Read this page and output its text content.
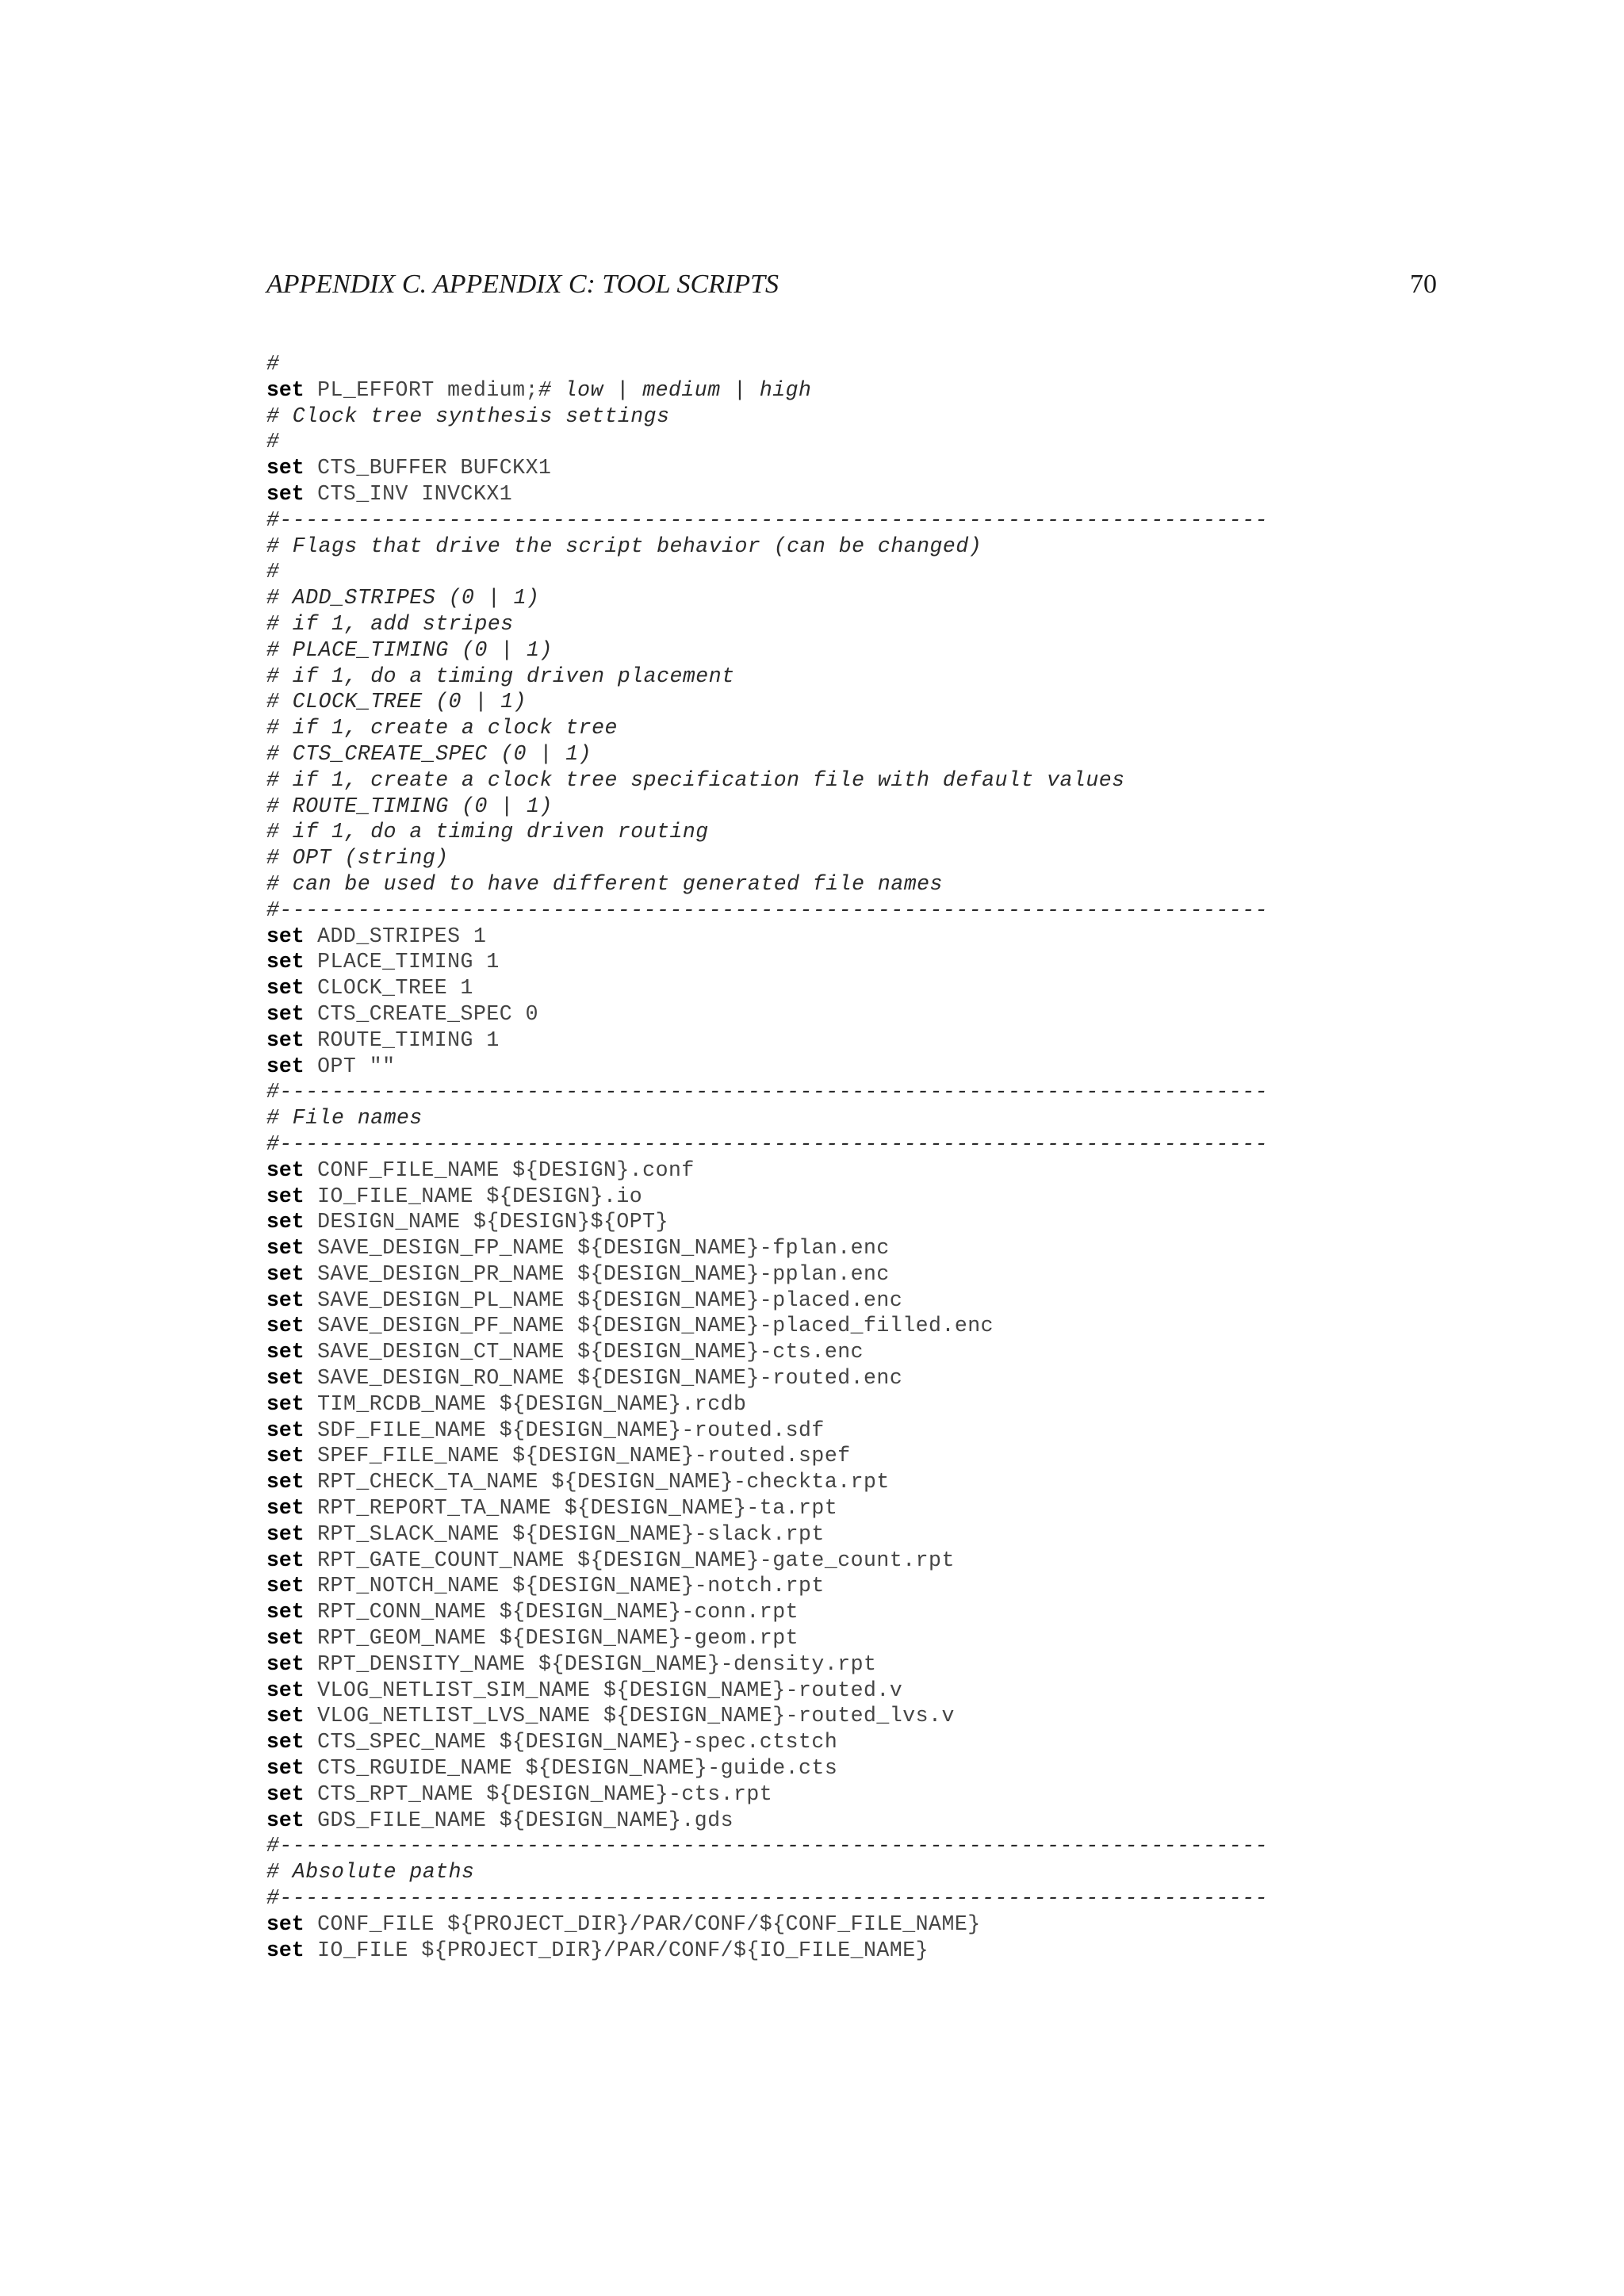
APPENDIX C. APPENDIX C: TOOL SCRIPTS	70
#
set PL_EFFORT medium;# low | medium | high
# Clock tree synthesis settings
#
set CTS_BUFFER BUFCKX1
set CTS_INV INVCKX1
#----------------------------------------------------------------------------
# Flags that drive the script behavior (can be changed)
#
# ADD_STRIPES (0 | 1)
# if 1, add stripes
# PLACE_TIMING (0 | 1)
# if 1, do a timing driven placement
# CLOCK_TREE (0 | 1)
# if 1, create a clock tree
# CTS_CREATE_SPEC (0 | 1)
# if 1, create a clock tree specification file with default values
# ROUTE_TIMING (0 | 1)
# if 1, do a timing driven routing
# OPT (string)
# can be used to have different generated file names
#----------------------------------------------------------------------------
set ADD_STRIPES 1
set PLACE_TIMING 1
set CLOCK_TREE 1
set CTS_CREATE_SPEC 0
set ROUTE_TIMING 1
set OPT ""
#----------------------------------------------------------------------------
# File names
#----------------------------------------------------------------------------
set CONF_FILE_NAME ${DESIGN}.conf
set IO_FILE_NAME ${DESIGN}.io
set DESIGN_NAME ${DESIGN}${OPT}
set SAVE_DESIGN_FP_NAME ${DESIGN_NAME}-fplan.enc
set SAVE_DESIGN_PR_NAME ${DESIGN_NAME}-pplan.enc
set SAVE_DESIGN_PL_NAME ${DESIGN_NAME}-placed.enc
set SAVE_DESIGN_PF_NAME ${DESIGN_NAME}-placed_filled.enc
set SAVE_DESIGN_CT_NAME ${DESIGN_NAME}-cts.enc
set SAVE_DESIGN_RO_NAME ${DESIGN_NAME}-routed.enc
set TIM_RCDB_NAME ${DESIGN_NAME}.rcdb
set SDF_FILE_NAME ${DESIGN_NAME}-routed.sdf
set SPEF_FILE_NAME ${DESIGN_NAME}-routed.spef
set RPT_CHECK_TA_NAME ${DESIGN_NAME}-checkta.rpt
set RPT_REPORT_TA_NAME ${DESIGN_NAME}-ta.rpt
set RPT_SLACK_NAME ${DESIGN_NAME}-slack.rpt
set RPT_GATE_COUNT_NAME ${DESIGN_NAME}-gate_count.rpt
set RPT_NOTCH_NAME ${DESIGN_NAME}-notch.rpt
set RPT_CONN_NAME ${DESIGN_NAME}-conn.rpt
set RPT_GEOM_NAME ${DESIGN_NAME}-geom.rpt
set RPT_DENSITY_NAME ${DESIGN_NAME}-density.rpt
set VLOG_NETLIST_SIM_NAME ${DESIGN_NAME}-routed.v
set VLOG_NETLIST_LVS_NAME ${DESIGN_NAME}-routed_lvs.v
set CTS_SPEC_NAME ${DESIGN_NAME}-spec.ctstch
set CTS_RGUIDE_NAME ${DESIGN_NAME}-guide.cts
set CTS_RPT_NAME ${DESIGN_NAME}-cts.rpt
set GDS_FILE_NAME ${DESIGN_NAME}.gds
#----------------------------------------------------------------------------
# Absolute paths
#----------------------------------------------------------------------------
set CONF_FILE ${PROJECT_DIR}/PAR/CONF/${CONF_FILE_NAME}
set IO_FILE ${PROJECT_DIR}/PAR/CONF/${IO_FILE_NAME}
